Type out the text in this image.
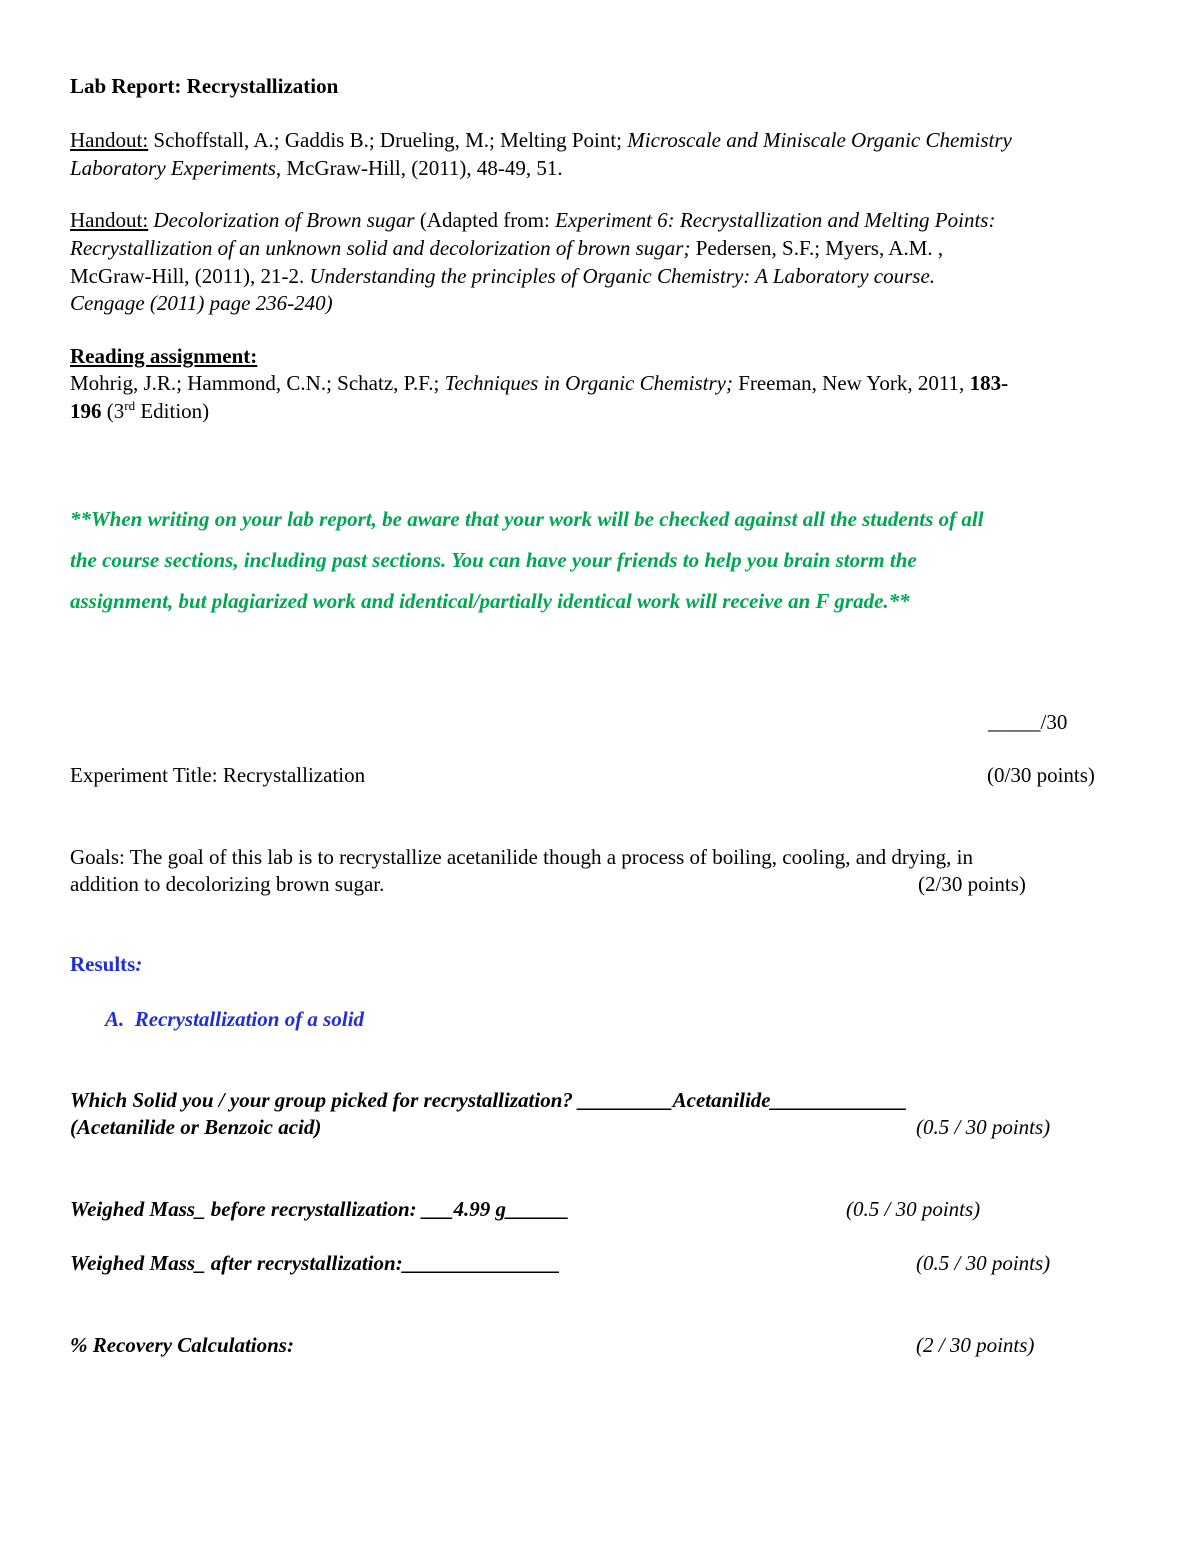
Lab Report: Recrystallization
Handout: Schoffstall, A.; Gaddis B.; Drueling, M.; Melting Point; Microscale and Miniscale Organic Chemistry
Laboratory Experiments, McGraw-Hill, (2011), 48-49, 51.
Handout: Decolorization of Brown sugar (Adapted from: Experiment 6: Recrystallization and Melting Points:
Recrystallization of an unknown solid and decolorization of brown sugar; Pedersen, S.F.; Myers, A.M. ,
McGraw-Hill, (2011), 21-2. Understanding the principles of Organic Chemistry: A Laboratory course.
Cengage (2011) page 236-240)
Reading assignment:
Mohrig, J.R.; Hammond, C.N.; Schatz, P.F.; Techniques in Organic Chemistry; Freeman, New York, 2011, 183-
196 (3rd Edition)
**When writing on your lab report, be aware that your work will be checked against all the students of all
the course sections, including past sections. You can have your friends to help you brain storm the
assignment, but plagiarized work and identical/partially identical work will receive an F grade.**
_____/30
Experiment Title: Recrystallization	(0/30 points)
Goals: The goal of this lab is to recrystallize acetanilide though a process of boiling, cooling, and drying, in
addition to decolorizing brown sugar.	(2/30 points)
Results:
A. Recrystallization of a solid
Which Solid you / your group picked for recrystallization? _________Acetanilide_____________
(Acetanilide or Benzoic acid)	(0.5 / 30 points)
Weighed Mass_ before recrystallization: ___4.99 g______	(0.5 / 30 points)
Weighed Mass_ after recrystallization:_______________	(0.5 / 30 points)
% Recovery Calculations:	(2 / 30 points)
